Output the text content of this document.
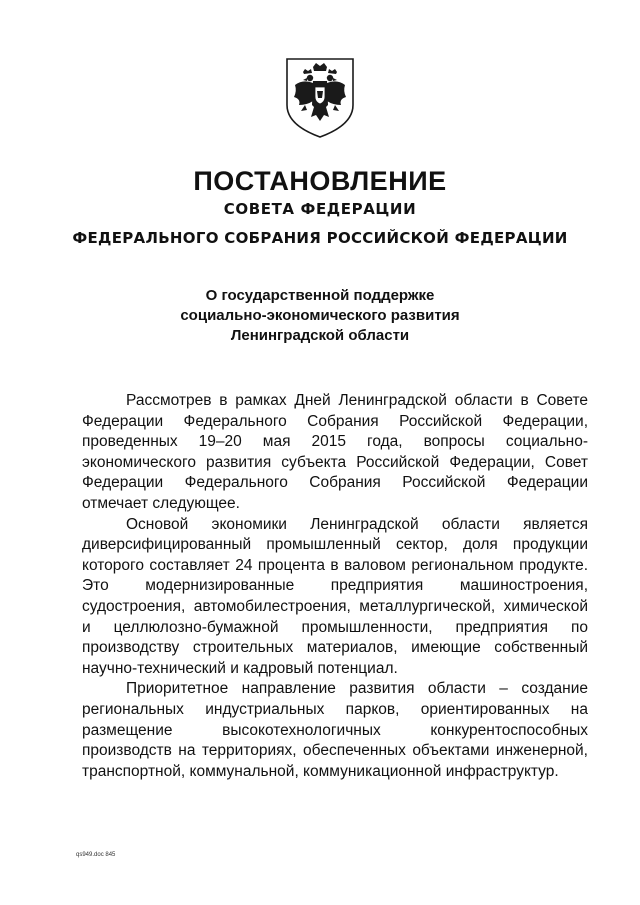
ПОСТАНОВЛЕНИЕ
СОВЕТА ФЕДЕРАЦИИ
ФЕДЕРАЛЬНОГО СОБРАНИЯ РОССИЙСКОЙ ФЕДЕРАЦИИ
О государственной поддержке
социально-экономического развития
Ленинградской области

Рассмотрев в рамках Дней Ленинградской области в Совете Федерации Федерального Собрания Российской Федерации, проведенных 19–20 мая 2015 года, вопросы социально-экономического развития субъекта Российской Федерации, Совет Федерации Федерального Собрания Российской Федерации отмечает следующее.

Основой экономики Ленинградской области является диверсифицированный промышленный сектор, доля продукции которого составляет 24 процента в валовом региональном продукте. Это модернизированные предприятия машиностроения, судостроения, автомобилестроения, металлургической, химической и целлюлозно-бумажной промышленности, предприятия по производству строительных материалов, имеющие собственный научно-технический и кадровый потенциал.

Приоритетное направление развития области – создание региональных индустриальных парков, ориентированных на размещение высокотехнологичных конкурентоспособных производств на территориях, обеспеченных объектами инженерной, транспортной, коммунальной, коммуникационной инфраструктур.

qs949.doc 845
